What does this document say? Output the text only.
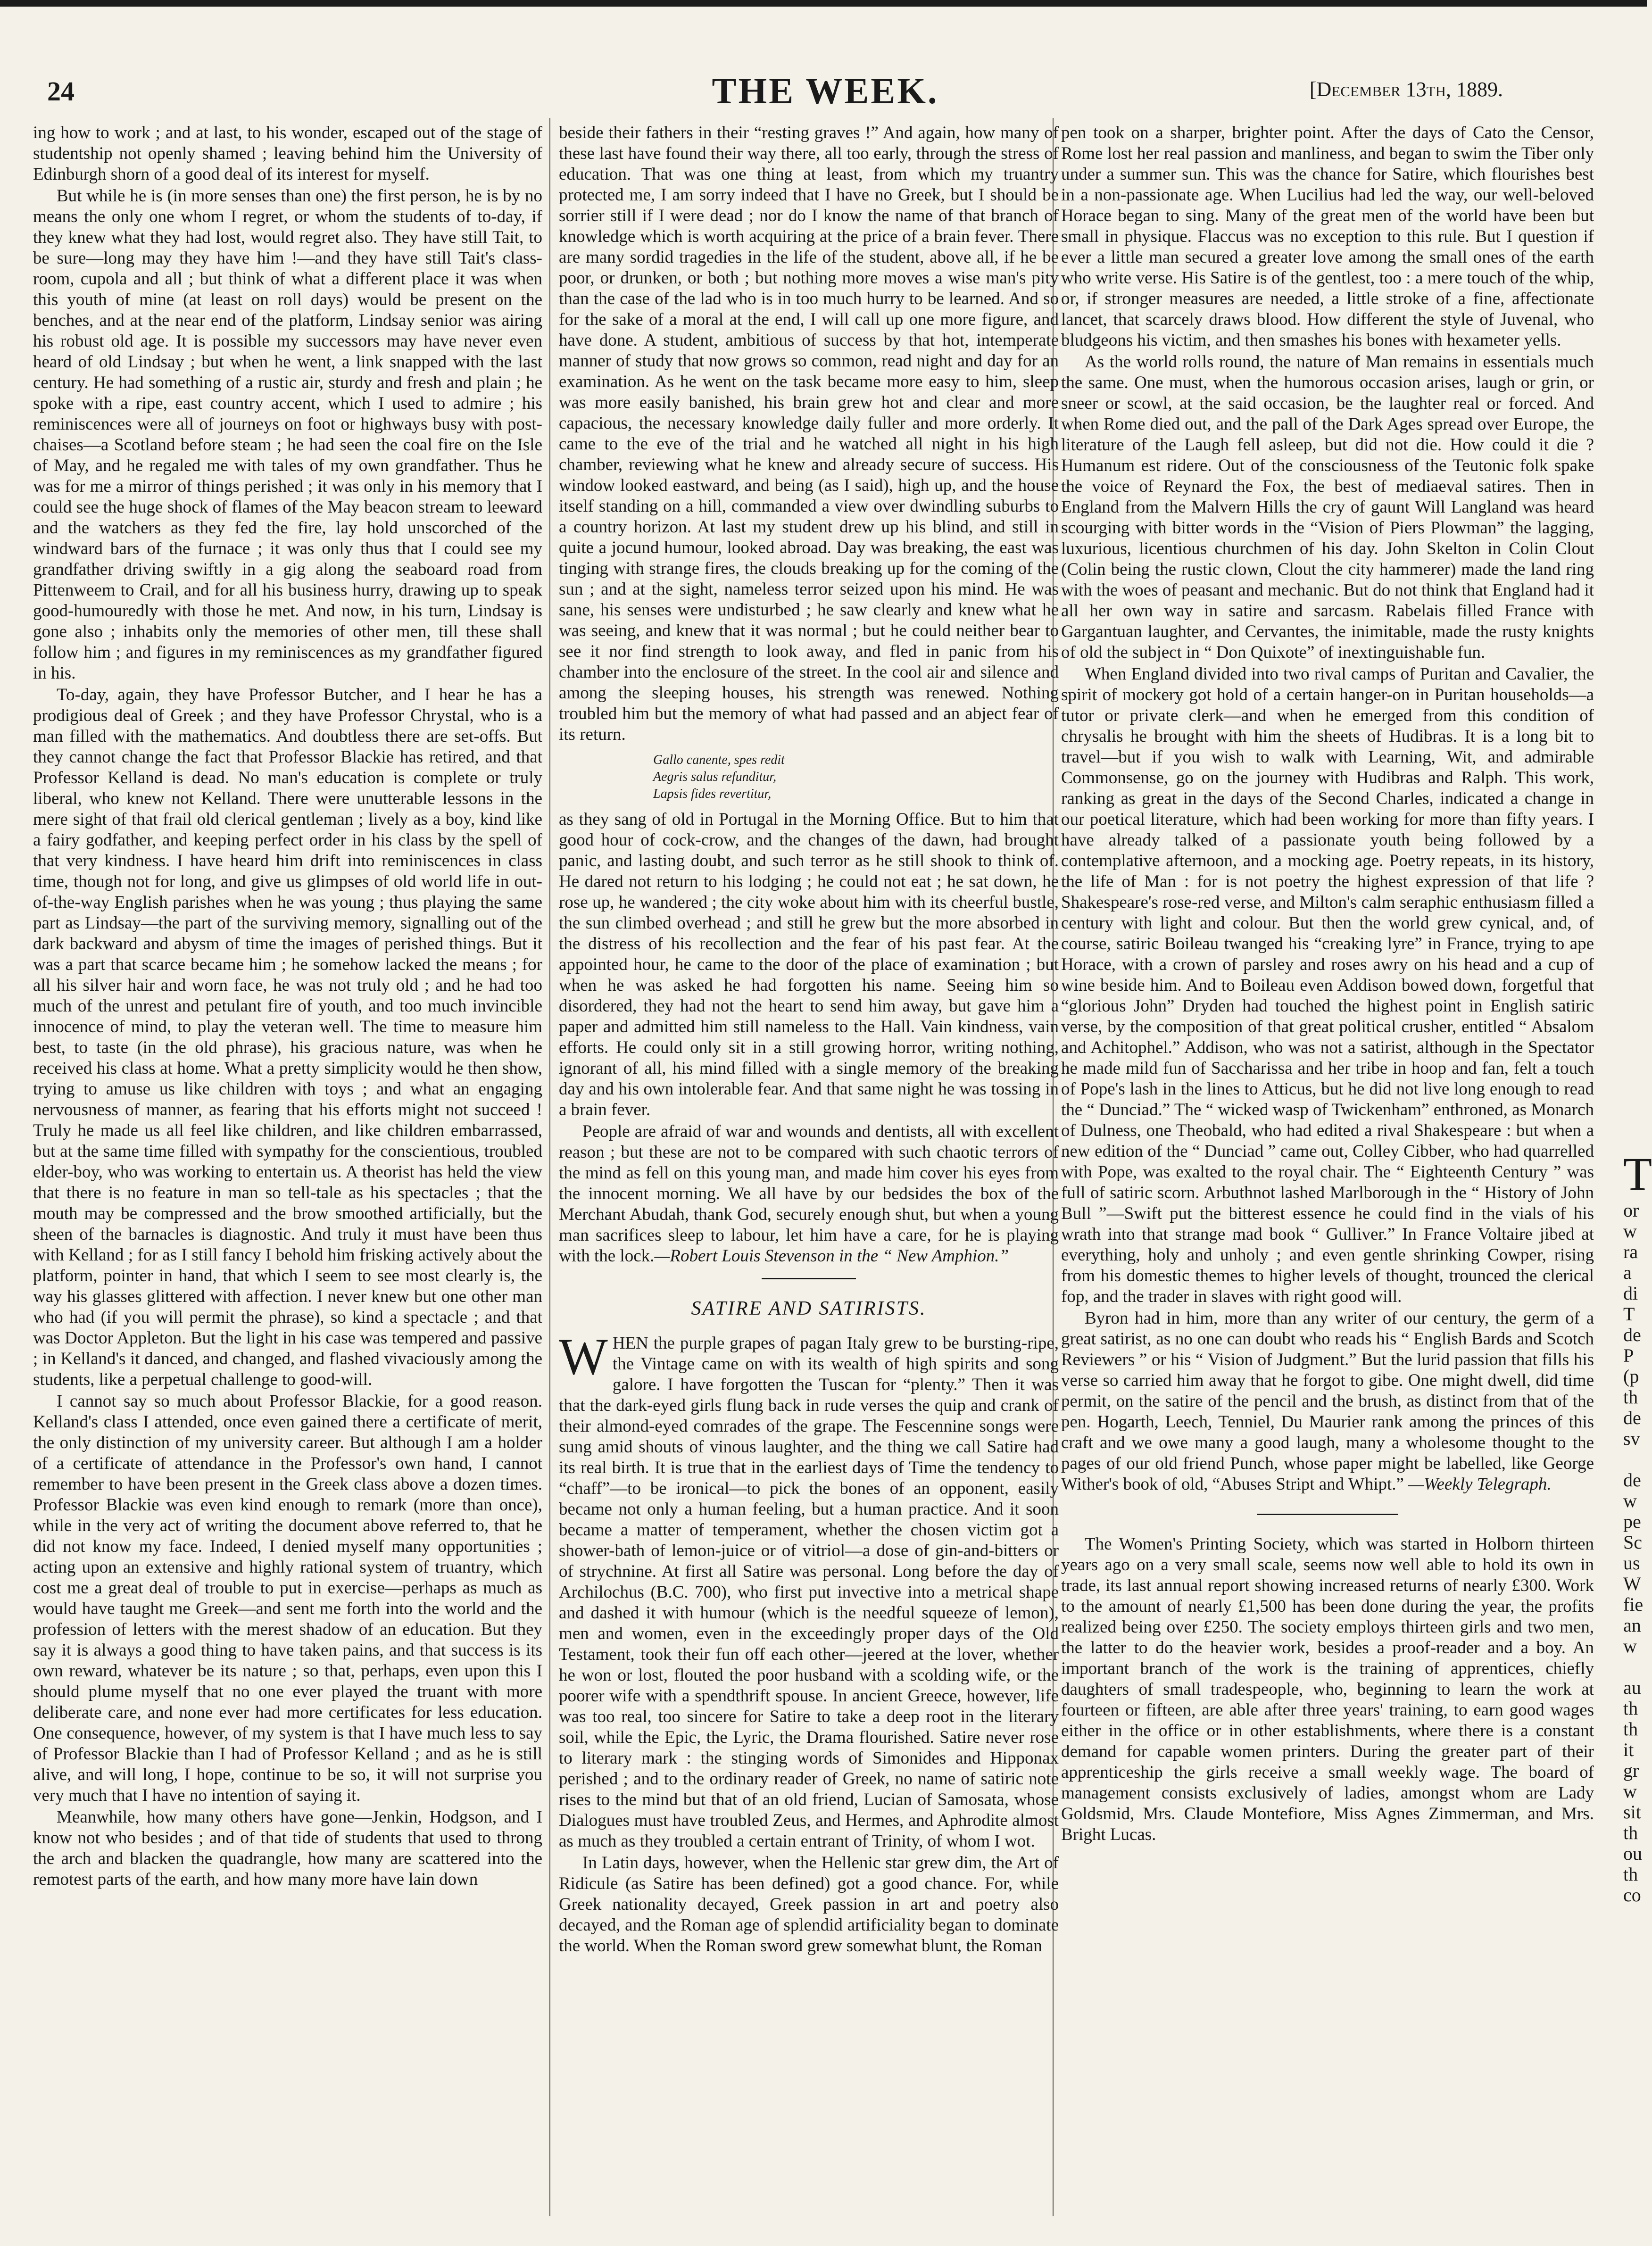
24	THE WEEK.	[December 13th, 1889.

ing how to work ; and at last, to his wonder, escaped out of the stage of studentship not openly shamed ; leaving behind him the University of Edinburgh shorn of a good deal of its interest for myself.

But while he is (in more senses than one) the first person, he is by no means the only one whom I regret, or whom the students of to-day, if they knew what they had lost, would regret also. They have still Tait, to be sure—long may they have him !—and they have still Tait's class-room, cupola and all ; but think of what a different place it was when this youth of mine (at least on roll days) would be present on the benches, and at the near end of the platform, Lindsay senior was airing his robust old age. It is possible my successors may have never even heard of old Lindsay ; but when he went, a link snapped with the last century. He had something of a rustic air, sturdy and fresh and plain ; he spoke with a ripe, east country accent, which I used to admire ; his reminiscences were all of journeys on foot or highways busy with post-chaises—a Scotland before steam ; he had seen the coal fire on the Isle of May, and he regaled me with tales of my own grandfather. Thus he was for me a mirror of things perished ; it was only in his memory that I could see the huge shock of flames of the May beacon stream to leeward and the watchers as they fed the fire, lay hold unscorched of the windward bars of the furnace ; it was only thus that I could see my grandfather driving swiftly in a gig along the seaboard road from Pittenweem to Crail, and for all his business hurry, drawing up to speak good-humouredly with those he met. And now, in his turn, Lindsay is gone also ; inhabits only the memories of other men, till these shall follow him ; and figures in my reminiscences as my grandfather figured in his.

To-day, again, they have Professor Butcher, and I hear he has a prodigious deal of Greek ; and they have Professor Chrystal, who is a man filled with the mathematics. And doubtless there are set-offs. But they cannot change the fact that Professor Blackie has retired, and that Professor Kelland is dead. No man's education is complete or truly liberal, who knew not Kelland. There were unutterable lessons in the mere sight of that frail old clerical gentleman ; lively as a boy, kind like a fairy godfather, and keeping perfect order in his class by the spell of that very kindness. I have heard him drift into reminiscences in class time, though not for long, and give us glimpses of old world life in out-of-the-way English parishes when he was young ; thus playing the same part as Lindsay—the part of the surviving memory, signalling out of the dark backward and abysm of time the images of perished things. But it was a part that scarce became him ; he somehow lacked the means ; for all his silver hair and worn face, he was not truly old ; and he had too much of the unrest and petulant fire of youth, and too much invincible innocence of mind, to play the veteran well. The time to measure him best, to taste (in the old phrase), his gracious nature, was when he received his class at home. What a pretty simplicity would he then show, trying to amuse us like children with toys ; and what an engaging nervousness of manner, as fearing that his efforts might not succeed ! Truly he made us all feel like children, and like children embarrassed, but at the same time filled with sympathy for the conscientious, troubled elder-boy, who was working to entertain us. A theorist has held the view that there is no feature in man so tell-tale as his spectacles ; that the mouth may be compressed and the brow smoothed artificially, but the sheen of the barnacles is diagnostic. And truly it must have been thus with Kelland ; for as I still fancy I behold him frisking actively about the platform, pointer in hand, that which I seem to see most clearly is, the way his glasses glittered with affection. I never knew but one other man who had (if you will permit the phrase), so kind a spectacle ; and that was Doctor Appleton. But the light in his case was tempered and passive ; in Kelland's it danced, and changed, and flashed vivaciously among the students, like a perpetual challenge to good-will.

I cannot say so much about Professor Blackie, for a good reason. Kelland's class I attended, once even gained there a certificate of merit, the only distinction of my university career. But although I am a holder of a certificate of attendance in the Professor's own hand, I cannot remember to have been present in the Greek class above a dozen times. Professor Blackie was even kind enough to remark (more than once), while in the very act of writing the document above referred to, that he did not know my face. Indeed, I denied myself many opportunities ; acting upon an extensive and highly rational system of truantry, which cost me a great deal of trouble to put in exercise—perhaps as much as would have taught me Greek—and sent me forth into the world and the profession of letters with the merest shadow of an education. But they say it is always a good thing to have taken pains, and that success is its own reward, whatever be its nature ; so that, perhaps, even upon this I should plume myself that no one ever played the truant with more deliberate care, and none ever had more certificates for less education. One consequence, however, of my system is that I have much less to say of Professor Blackie than I had of Professor Kelland ; and as he is still alive, and will long, I hope, continue to be so, it will not surprise you very much that I have no intention of saying it.

Meanwhile, how many others have gone—Jenkin, Hodgson, and I know not who besides ; and of that tide of students that used to throng the arch and blacken the quadrangle, how many are scattered into the remotest parts of the earth, and how many more have lain down

beside their fathers in their “resting graves !” And again, how many of these last have found their way there, all too early, through the stress of education. That was one thing at least, from which my truantry protected me, I am sorry indeed that I have no Greek, but I should be sorrier still if I were dead ; nor do I know the name of that branch of knowledge which is worth acquiring at the price of a brain fever. There are many sordid tragedies in the life of the student, above all, if he be poor, or drunken, or both ; but nothing more moves a wise man's pity than the case of the lad who is in too much hurry to be learned. And so for the sake of a moral at the end, I will call up one more figure, and have done. A student, ambitious of success by that hot, intemperate manner of study that now grows so common, read night and day for an examination. As he went on the task became more easy to him, sleep was more easily banished, his brain grew hot and clear and more capacious, the necessary knowledge daily fuller and more orderly. It came to the eve of the trial and he watched all night in his high chamber, reviewing what he knew and already secure of success. His window looked eastward, and being (as I said), high up, and the house itself standing on a hill, commanded a view over dwindling suburbs to a country horizon. At last my student drew up his blind, and still in quite a jocund humour, looked abroad. Day was breaking, the east was tinging with strange fires, the clouds breaking up for the coming of the sun ; and at the sight, nameless terror seized upon his mind. He was sane, his senses were undisturbed ; he saw clearly and knew what he was seeing, and knew that it was normal ; but he could neither bear to see it nor find strength to look away, and fled in panic from his chamber into the enclosure of the street. In the cool air and silence and among the sleeping houses, his strength was renewed. Nothing troubled him but the memory of what had passed and an abject fear of its return.

Gallo canente, spes redit
Aegris salus refunditur,
Lapsis fides revertitur,

as they sang of old in Portugal in the Morning Office. But to him that good hour of cock-crow, and the changes of the dawn, had brought panic, and lasting doubt, and such terror as he still shook to think of. He dared not return to his lodging ; he could not eat ; he sat down, he rose up, he wandered ; the city woke about him with its cheerful bustle, the sun climbed overhead ; and still he grew but the more absorbed in the distress of his recollection and the fear of his past fear. At the appointed hour, he came to the door of the place of examination ; but when he was asked he had forgotten his name. Seeing him so disordered, they had not the heart to send him away, but gave him a paper and admitted him still nameless to the Hall. Vain kindness, vain efforts. He could only sit in a still growing horror, writing nothing, ignorant of all, his mind filled with a single memory of the breaking day and his own intolerable fear. And that same night he was tossing in a brain fever.

People are afraid of war and wounds and dentists, all with excellent reason ; but these are not to be compared with such chaotic terrors of the mind as fell on this young man, and made him cover his eyes from the innocent morning. We all have by our bedsides the box of the Merchant Abudah, thank God, securely enough shut, but when a young man sacrifices sleep to labour, let him have a care, for he is playing with the lock.—Robert Louis Stevenson in the “ New Amphion.”

SATIRE AND SATIRISTS.

WHEN the purple grapes of pagan Italy grew to be bursting-ripe, the Vintage came on with its wealth of high spirits and song galore. I have forgotten the Tuscan for “plenty.” Then it was that the dark-eyed girls flung back in rude verses the quip and crank of their almond-eyed comrades of the grape. The Fescennine songs were sung amid shouts of vinous laughter, and the thing we call Satire had its real birth. It is true that in the earliest days of Time the tendency to “chaff”—to be ironical—to pick the bones of an opponent, easily became not only a human feeling, but a human practice. And it soon became a matter of temperament, whether the chosen victim got a shower-bath of lemon-juice or of vitriol—a dose of gin-and-bitters or of strychnine. At first all Satire was personal. Long before the day of Archilochus (B.C. 700), who first put invective into a metrical shape and dashed it with humour (which is the needful squeeze of lemon), men and women, even in the exceedingly proper days of the Old Testament, took their fun off each other—jeered at the lover, whether he won or lost, flouted the poor husband with a scolding wife, or the poorer wife with a spendthrift spouse. In ancient Greece, however, life was too real, too sincere for Satire to take a deep root in the literary soil, while the Epic, the Lyric, the Drama flourished. Satire never rose to literary mark : the stinging words of Simonides and Hipponax perished ; and to the ordinary reader of Greek, no name of satiric note rises to the mind but that of an old friend, Lucian of Samosata, whose Dialogues must have troubled Zeus, and Hermes, and Aphrodite almost as much as they troubled a certain entrant of Trinity, of whom I wot.

In Latin days, however, when the Hellenic star grew dim, the Art of Ridicule (as Satire has been defined) got a good chance. For, while Greek nationality decayed, Greek passion in art and poetry also decayed, and the Roman age of splendid artificiality began to dominate the world. When the Roman sword grew somewhat blunt, the Roman

pen took on a sharper, brighter point. After the days of Cato the Censor, Rome lost her real passion and manliness, and began to swim the Tiber only under a summer sun. This was the chance for Satire, which flourishes best in a non-passionate age. When Lucilius had led the way, our well-beloved Horace began to sing. Many of the great men of the world have been but small in physique. Flaccus was no exception to this rule. But I question if ever a little man secured a greater love among the small ones of the earth who write verse. His Satire is of the gentlest, too : a mere touch of the whip, or, if stronger measures are needed, a little stroke of a fine, affectionate lancet, that scarcely draws blood. How different the style of Juvenal, who bludgeons his victim, and then smashes his bones with hexameter yells.

As the world rolls round, the nature of Man remains in essentials much the same. One must, when the humorous occasion arises, laugh or grin, or sneer or scowl, at the said occasion, be the laughter real or forced. And when Rome died out, and the pall of the Dark Ages spread over Europe, the literature of the Laugh fell asleep, but did not die. How could it die ? Humanum est ridere. Out of the consciousness of the Teutonic folk spake the voice of Reynard the Fox, the best of mediaeval satires. Then in England from the Malvern Hills the cry of gaunt Will Langland was heard scourging with bitter words in the “Vision of Piers Plowman” the lagging, luxurious, licentious churchmen of his day. John Skelton in Colin Clout (Colin being the rustic clown, Clout the city hammerer) made the land ring with the woes of peasant and mechanic. But do not think that England had it all her own way in satire and sarcasm. Rabelais filled France with Gargantuan laughter, and Cervantes, the inimitable, made the rusty knights of old the subject in “ Don Quixote” of inextinguishable fun.

When England divided into two rival camps of Puritan and Cavalier, the spirit of mockery got hold of a certain hanger-on in Puritan households—a tutor or private clerk—and when he emerged from this condition of chrysalis he brought with him the sheets of Hudibras. It is a long bit to travel—but if you wish to walk with Learning, Wit, and admirable Commonsense, go on the journey with Hudibras and Ralph. This work, ranking as great in the days of the Second Charles, indicated a change in our poetical literature, which had been working for more than fifty years. I have already talked of a passionate youth being followed by a contemplative afternoon, and a mocking age. Poetry repeats, in its history, the life of Man : for is not poetry the highest expression of that life ? Shakespeare's rose-red verse, and Milton's calm seraphic enthusiasm filled a century with light and colour. But then the world grew cynical, and, of course, satiric Boileau twanged his “creaking lyre” in France, trying to ape Horace, with a crown of parsley and roses awry on his head and a cup of wine beside him. And to Boileau even Addison bowed down, forgetful that “glorious John” Dryden had touched the highest point in English satiric verse, by the composition of that great political crusher, entitled “ Absalom and Achitophel.” Addison, who was not a satirist, although in the Spectator he made mild fun of Saccharissa and her tribe in hoop and fan, felt a touch of Pope's lash in the lines to Atticus, but he did not live long enough to read the “ Dunciad.” The “ wicked wasp of Twickenham” enthroned, as Monarch of Dulness, one Theobald, who had edited a rival Shakespeare : but when a new edition of the “ Dunciad ” came out, Colley Cibber, who had quarrelled with Pope, was exalted to the royal chair. The “ Eighteenth Century ” was full of satiric scorn. Arbuthnot lashed Marlborough in the “ History of John Bull ”—Swift put the bitterest essence he could find in the vials of his wrath into that strange mad book “ Gulliver.” In France Voltaire jibed at everything, holy and unholy ; and even gentle shrinking Cowper, rising from his domestic themes to higher levels of thought, trounced the clerical fop, and the trader in slaves with right good will.

Byron had in him, more than any writer of our century, the germ of a great satirist, as no one can doubt who reads his “ English Bards and Scotch Reviewers ” or his “ Vision of Judgment.” But the lurid passion that fills his verse so carried him away that he forgot to gibe. One might dwell, did time permit, on the satire of the pencil and the brush, as distinct from that of the pen. Hogarth, Leech, Tenniel, Du Maurier rank among the princes of this craft and we owe many a good laugh, many a wholesome thought to the pages of our old friend Punch, whose paper might be labelled, like George Wither's book of old, “Abuses Stript and Whipt.” —Weekly Telegraph.

The Women's Printing Society, which was started in Holborn thirteen years ago on a very small scale, seems now well able to hold its own in trade, its last annual report showing increased returns of nearly £300. Work to the amount of nearly £1,500 has been done during the year, the profits realized being over £250. The society employs thirteen girls and two men, the latter to do the heavier work, besides a proof-reader and a boy. An important branch of the work is the training of apprentices, chiefly daughters of small tradespeople, who, beginning to learn the work at fourteen or fifteen, are able after three years' training, to earn good wages either in the office or in other establishments, where there is a constant demand for capable women printers. During the greater part of their apprenticeship the girls receive a small weekly wage. The board of management consists exclusively of ladies, amongst whom are Lady Goldsmid, Mrs. Claude Montefiore, Miss Agnes Zimmerman, and Mrs. Bright Lucas.

T
or
w
ra
a
di
T
de
P
(p
th
de
sv

de
w
pe
Sc
us
W
fie
an
w

au
th
th
it
gr
w
sit
th
ou
th
co
